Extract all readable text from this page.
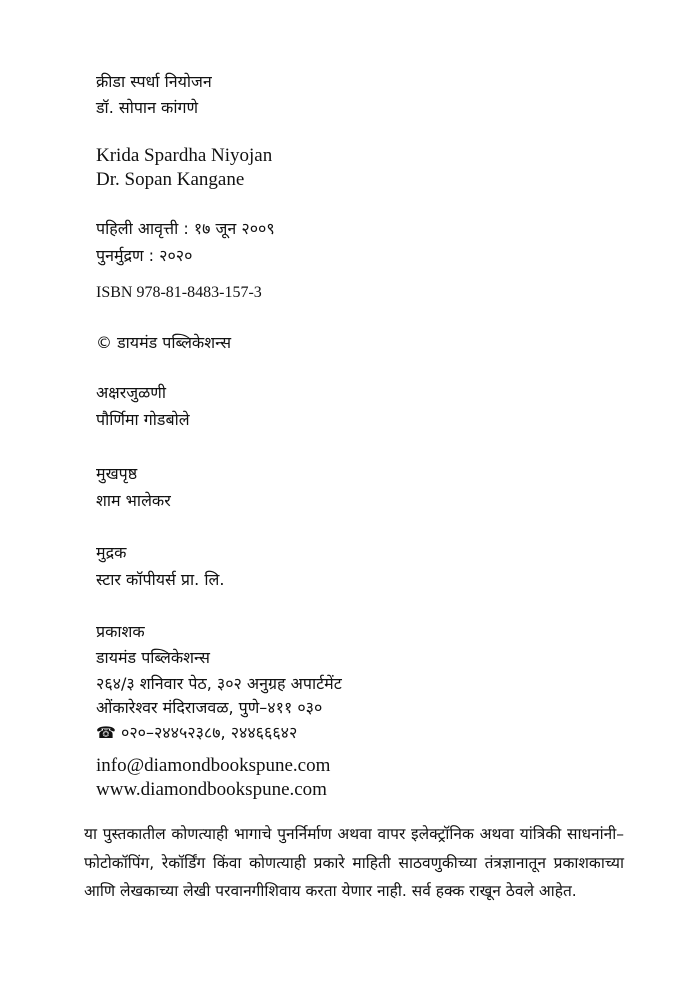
क्रीडा स्पर्धा नियोजन
डॉ. सोपान कांगणे
Krida Spardha Niyojan
Dr. Sopan Kangane
पहिली आवृत्ती : १७ जून २००९
पुनर्मुद्रण : २०२०
ISBN 978-81-8483-157-3
© डायमंड पब्लिकेशन्स
अक्षरजुळणी
पौर्णिमा गोडबोले
मुखपृष्ठ
शाम भालेकर
मुद्रक
स्टार कॉपीयर्स प्रा. लि.
प्रकाशक
डायमंड पब्लिकेशन्स
२६४/३ शनिवार पेठ, ३०२ अनुग्रह अपार्टमेंट
ओंकारेश्वर मंदिराजवळ, पुणे–४११ ०३०
☎ ०२०–२४४५२३८७, २४४६६६४२
info@diamondbookspune.com
www.diamondbookspune.com
या पुस्तकातील कोणत्याही भागाचे पुनर्निर्माण अथवा वापर इलेक्ट्रॉनिक अथवा यांत्रिकी साधनांनी–फोटोकॉपिंग, रेकॉर्डिंग किंवा कोणत्याही प्रकारे माहिती साठवणुकीच्या तंत्रज्ञानातून प्रकाशकाच्या आणि लेखकाच्या लेखी परवानगीशिवाय करता येणार नाही. सर्व हक्क राखून ठेवले आहेत.
